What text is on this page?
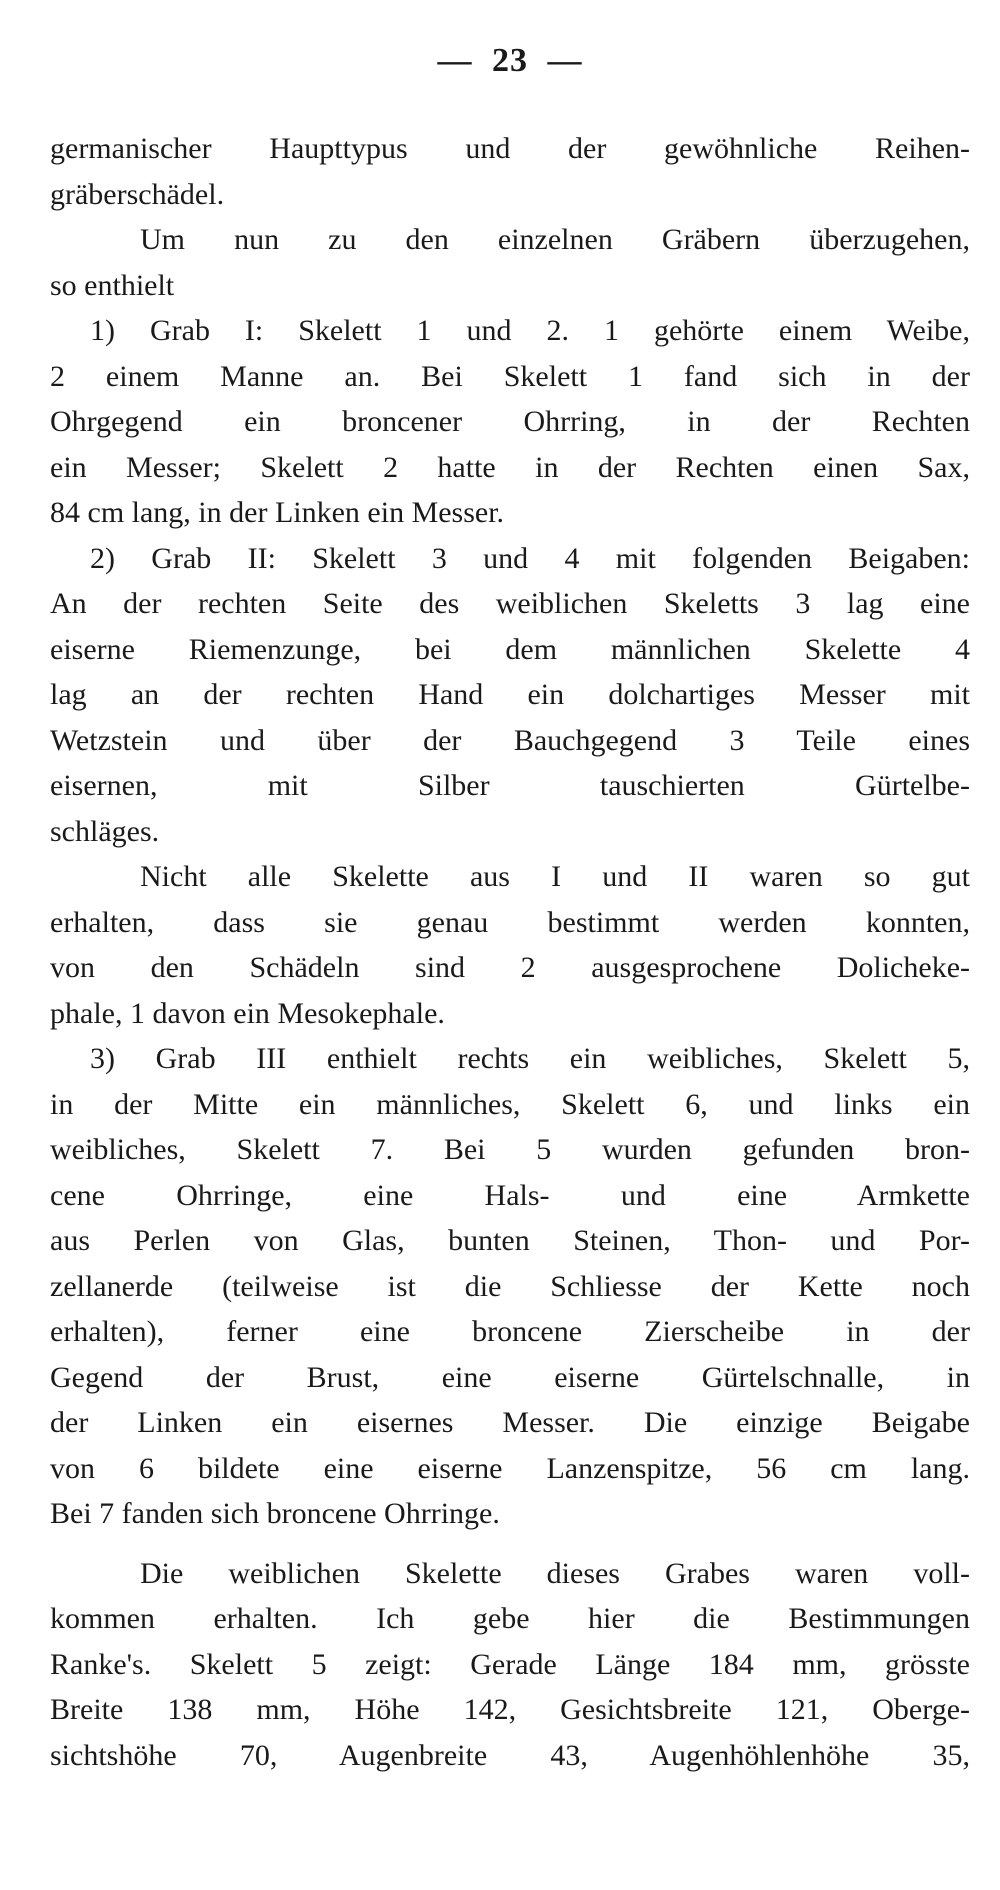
— 23 —

germanischer Haupttypus und der gewöhnliche Reihen-

gräberschädel.

Um nun zu den einzelnen Gräbern überzugehen,

so enthielt

1) Grab I: Skelett 1 und 2. 1 gehörte einem Weibe,

2 einem Manne an. Bei Skelett 1 fand sich in der

Ohrgegend ein broncener Ohrring, in der Rechten

ein Messer; Skelett 2 hatte in der Rechten einen Sax,

84 cm lang, in der Linken ein Messer.

2) Grab II: Skelett 3 und 4 mit folgenden Beigaben:

An der rechten Seite des weiblichen Skeletts 3 lag eine

eiserne Riemenzunge, bei dem männlichen Skelette 4

lag an der rechten Hand ein dolchartiges Messer mit

Wetzstein und über der Bauchgegend 3 Teile eines

eisernen, mit Silber tauschierten Gürtelbe-

schläges.

Nicht alle Skelette aus I und II waren so gut

erhalten, dass sie genau bestimmt werden konnten,

von den Schädeln sind 2 ausgesprochene Dolicheke-

phale, 1 davon ein Mesokephale.

3) Grab III enthielt rechts ein weibliches, Skelett 5,

in der Mitte ein männliches, Skelett 6, und links ein

weibliches, Skelett 7. Bei 5 wurden gefunden bron-

cene Ohrringe, eine Hals- und eine Armkette

aus Perlen von Glas, bunten Steinen, Thon- und Por-

zellanerde (teilweise ist die Schliesse der Kette noch

erhalten), ferner eine broncene Zierscheibe in der

Gegend der Brust, eine eiserne Gürtelschnalle, in

der Linken ein eisernes Messer. Die einzige Beigabe

von 6 bildete eine eiserne Lanzenspitze, 56 cm lang.

Bei 7 fanden sich broncene Ohrringe.

Die weiblichen Skelette dieses Grabes waren voll-

kommen erhalten. Ich gebe hier die Bestimmungen

Ranke's. Skelett 5 zeigt: Gerade Länge 184 mm, grösste

Breite 138 mm, Höhe 142, Gesichtsbreite 121, Oberge-

sichtshöhe 70, Augenbreite 43, Augenhöhlenhöhe 35,
